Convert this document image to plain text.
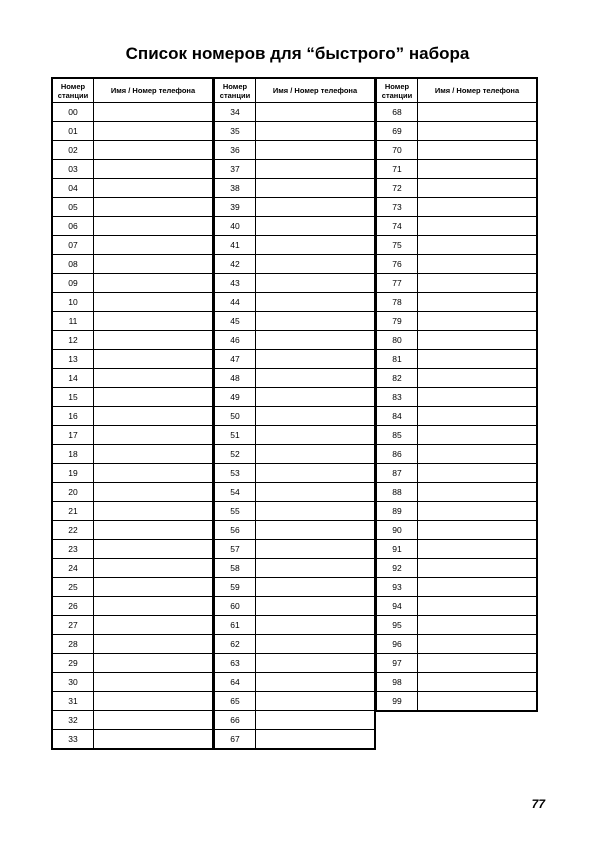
Список номеров для “быстрого” набора
Номер станции	Имя / Номер телефона
00	
01	
02	
03	
04	
05	
06	
07	
08	
09	
10	
11	
12	
13	
14	
15	
16	
17	
18	
19	
20	
21	
22	
23	
24	
25	
26	
27	
28	
29	
30	
31	
32	
33	
Номер станции	Имя / Номер телефона
34	
35	
36	
37	
38	
39	
40	
41	
42	
43	
44	
45	
46	
47	
48	
49	
50	
51	
52	
53	
54	
55	
56	
57	
58	
59	
60	
61	
62	
63	
64	
65	
66	
67	
Номер станции	Имя / Номер телефона
68	
69	
70	
71	
72	
73	
74	
75	
76	
77	
78	
79	
80	
81	
82	
83	
84	
85	
86	
87	
88	
89	
90	
91	
92	
93	
94	
95	
96	
97	
98	
99	
77
